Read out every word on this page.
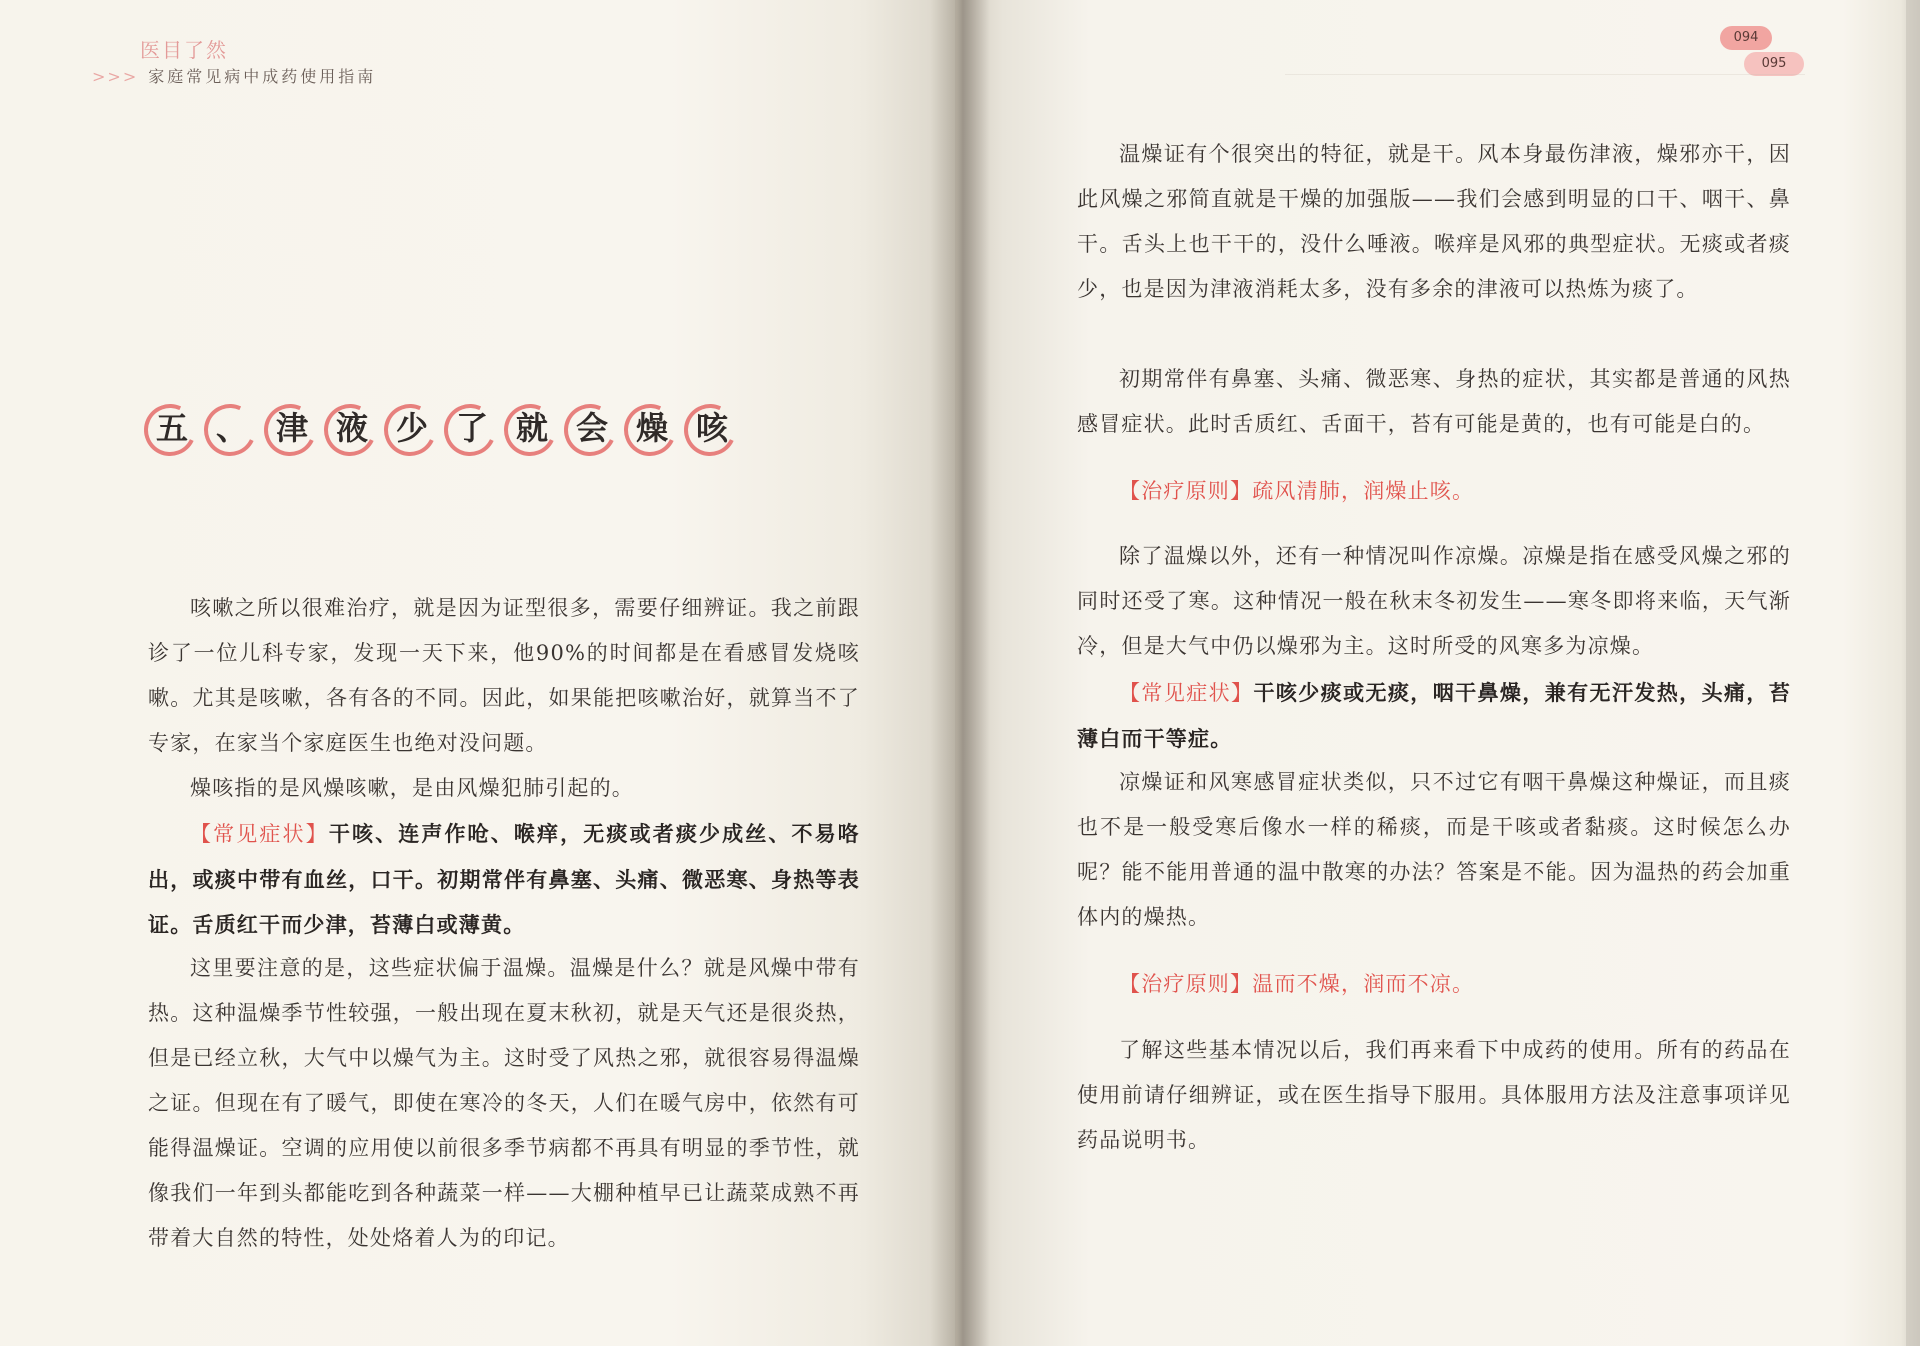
医目了然
>>> 家庭常见病中成药使用指南
五 、 津 液 少 了 就 会 燥 咳
咳嗽之所以很难治疗，就是因为证型很多，需要仔细辨证。我之前跟诊了一位儿科专家，发现一天下来，他90%的时间都是在看感冒发烧咳嗽。尤其是咳嗽，各有各的不同。因此，如果能把咳嗽治好，就算当不了专家，在家当个家庭医生也绝对没问题。
燥咳指的是风燥咳嗽，是由风燥犯肺引起的。
【常见症状】干咳、连声作呛、喉痒，无痰或者痰少成丝、不易咯出，或痰中带有血丝，口干。初期常伴有鼻塞、头痛、微恶寒、身热等表证。舌质红干而少津，苔薄白或薄黄。
这里要注意的是，这些症状偏于温燥。温燥是什么？就是风燥中带有热。这种温燥季节性较强，一般出现在夏末秋初，就是天气还是很炎热，但是已经立秋，大气中以燥气为主。这时受了风热之邪，就很容易得温燥之证。但现在有了暖气，即使在寒冷的冬天，人们在暖气房中，依然有可能得温燥证。空调的应用使以前很多季节病都不再具有明显的季节性，就像我们一年到头都能吃到各种蔬菜一样——大棚种植早已让蔬菜成熟不再带着大自然的特性，处处烙着人为的印记。
094
095
温燥证有个很突出的特征，就是干。风本身最伤津液，燥邪亦干，因此风燥之邪简直就是干燥的加强版——我们会感到明显的口干、咽干、鼻干。舌头上也干干的，没什么唾液。喉痒是风邪的典型症状。无痰或者痰少，也是因为津液消耗太多，没有多余的津液可以热炼为痰了。
初期常伴有鼻塞、头痛、微恶寒、身热的症状，其实都是普通的风热感冒症状。此时舌质红、舌面干，苔有可能是黄的，也有可能是白的。
【治疗原则】疏风清肺，润燥止咳。
除了温燥以外，还有一种情况叫作凉燥。凉燥是指在感受风燥之邪的同时还受了寒。这种情况一般在秋末冬初发生——寒冬即将来临，天气渐冷，但是大气中仍以燥邪为主。这时所受的风寒多为凉燥。
【常见症状】干咳少痰或无痰，咽干鼻燥，兼有无汗发热，头痛，苔薄白而干等症。
凉燥证和风寒感冒症状类似，只不过它有咽干鼻燥这种燥证，而且痰也不是一般受寒后像水一样的稀痰，而是干咳或者黏痰。这时候怎么办呢？能不能用普通的温中散寒的办法？答案是不能。因为温热的药会加重体内的燥热。
【治疗原则】温而不燥，润而不凉。
了解这些基本情况以后，我们再来看下中成药的使用。所有的药品在使用前请仔细辨证，或在医生指导下服用。具体服用方法及注意事项详见药品说明书。
